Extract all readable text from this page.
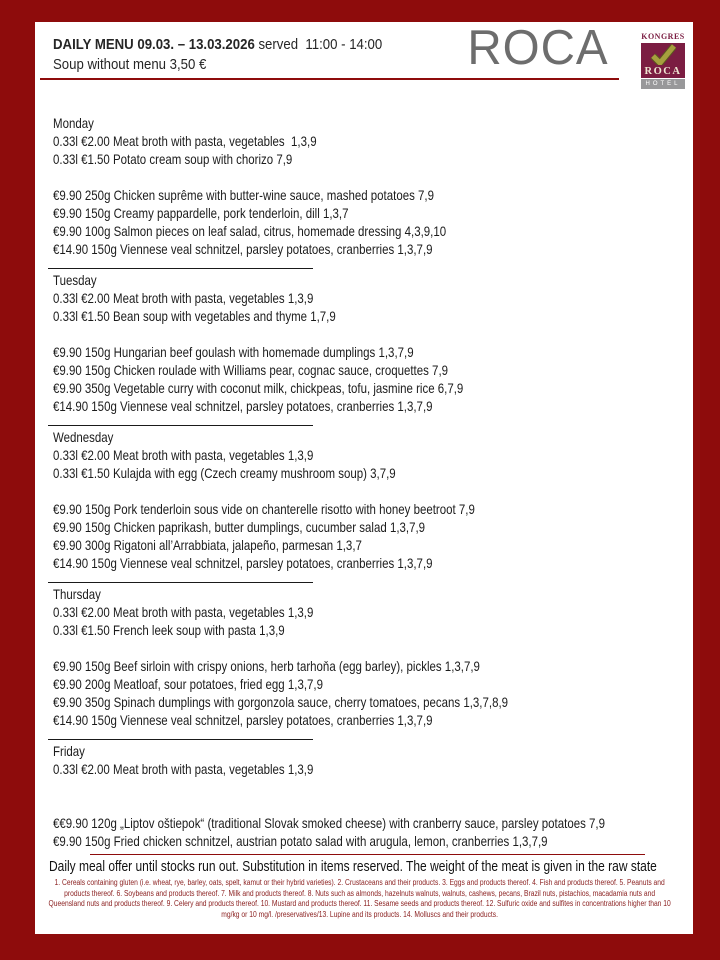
DAILY MENU 09.03. – 13.03.2026 served  11:00 - 14:00
Soup without menu 3,50 €	ROCA	KONGRES
ROCA
HOTEL
Monday
0.33l €2.00 Meat broth with pasta, vegetables  1,3,9
0.33l €1.50 Potato cream soup with chorizo 7,9
€9.90 250g Chicken suprême with butter-wine sauce, mashed potatoes 7,9
€9.90 150g Creamy pappardelle, pork tenderloin, dill 1,3,7
€9.90 100g Salmon pieces on leaf salad, citrus, homemade dressing 4,3,9,10
€14.90 150g Viennese veal schnitzel, parsley potatoes, cranberries 1,3,7,9
Tuesday
0.33l €2.00 Meat broth with pasta, vegetables 1,3,9
0.33l €1.50 Bean soup with vegetables and thyme 1,7,9
€9.90 150g Hungarian beef goulash with homemade dumplings 1,3,7,9
€9.90 150g Chicken roulade with Williams pear, cognac sauce, croquettes 7,9
€9.90 350g Vegetable curry with coconut milk, chickpeas, tofu, jasmine rice 6,7,9
€14.90 150g Viennese veal schnitzel, parsley potatoes, cranberries 1,3,7,9
Wednesday
0.33l €2.00 Meat broth with pasta, vegetables 1,3,9
0.33l €1.50 Kulajda with egg (Czech creamy mushroom soup) 3,7,9
€9.90 150g Pork tenderloin sous vide on chanterelle risotto with honey beetroot 7,9
€9.90 150g Chicken paprikash, butter dumplings, cucumber salad 1,3,7,9
€9.90 300g Rigatoni all’Arrabbiata, jalapeño, parmesan 1,3,7
€14.90 150g Viennese veal schnitzel, parsley potatoes, cranberries 1,3,7,9
Thursday
0.33l €2.00 Meat broth with pasta, vegetables 1,3,9
0.33l €1.50 French leek soup with pasta 1,3,9
€9.90 150g Beef sirloin with crispy onions, herb tarhoňa (egg barley), pickles 1,3,7,9
€9.90 200g Meatloaf, sour potatoes, fried egg 1,3,7,9
€9.90 350g Spinach dumplings with gorgonzola sauce, cherry tomatoes, pecans 1,3,7,8,9
€14.90 150g Viennese veal schnitzel, parsley potatoes, cranberries 1,3,7,9
Friday
0.33l €2.00 Meat broth with pasta, vegetables 1,3,9
€€9.90 120g „Liptov oštiepok“ (traditional Slovak smoked cheese) with cranberry sauce, parsley potatoes 7,9
€9.90 150g Fried chicken schnitzel, austrian potato salad with arugula, lemon, cranberries 1,3,7,9
Daily meal offer until stocks run out. Substitution in items reserved. The weight of the meat is given in the raw state
1. Cereals containing gluten (i.e. wheat, rye, barley, oats, spelt, kamut or their hybrid varieties). 2. Crustaceans and their products. 3. Eggs and products thereof. 4. Fish and products thereof. 5. Peanuts and products thereof. 6. Soybeans and products thereof. 7. Milk and products thereof. 8. Nuts such as almonds, hazelnuts walnuts, walnuts, cashews, pecans, Brazil nuts, pistachios, macadamia nuts and Queensland nuts and products thereof. 9. Celery and products thereof. 10. Mustard and products thereof. 11. Sesame seeds and products thereof. 12. Sulfuric oxide and sulfites in concentrations higher than 10 mg/kg or 10 mg/l. /preservatives/13. Lupine and its products. 14. Molluscs and their products.
